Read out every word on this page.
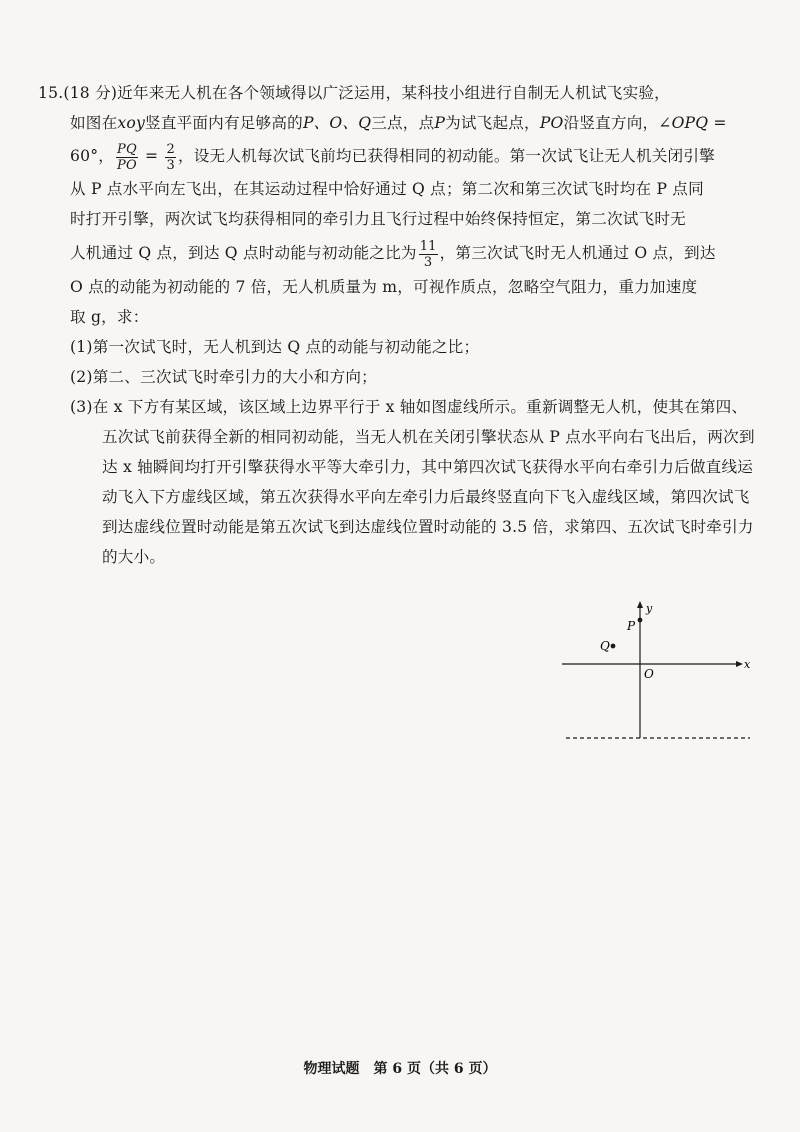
15.(18 分)近年来无人机在各个领域得以广泛运用，某科技小组进行自制无人机试飞实验，

如图在xoy竖直平面内有足够高的P、O、Q三点，点P为试飞起点，PO沿竖直方向，∠OPQ =

60°， $\frac{PQ}{PO} = \frac{2}{3}$ ，设无人机每次试飞前均已获得相同的初动能。第一次试飞让无人机关闭引擎

从 P 点水平向左飞出，在其运动过程中恰好通过 Q 点；第二次和第三次试飞时均在 P 点同

时打开引擎，两次试飞均获得相同的牵引力且飞行过程中始终保持恒定，第二次试飞时无

人机通过 Q 点，到达 Q 点时动能与初动能之比为 $\frac{11}{3}$ ，第三次试飞时无人机通过 O 点，到达

O 点的动能为初动能的 7 倍，无人机质量为 m，可视作质点，忽略空气阻力，重力加速度

取 g，求：

(1)第一次试飞时，无人机到达 Q 点的动能与初动能之比；

(2)第二、三次试飞时牵引力的大小和方向；

(3)在 x 下方有某区域，该区域上边界平行于 x 轴如图虚线所示。重新调整无人机，使其在第四、五次试飞前获得全新的相同初动能，当无人机在关闭引擎状态从 P 点水平向右飞出后，两次到达 x 轴瞬间均打开引擎获得水平等大牵引力，其中第四次试飞获得水平向右牵引力后做直线运动飞入下方虚线区域，第五次获得水平向左牵引力后最终竖直向下飞入虚线区域，第四次试飞到达虚线位置时动能是第五次试飞到达虚线位置时动能的 3.5 倍，求第四、五次试飞时牵引力的大小。

y
x
P
Q
O
物理试题　第 6 页（共 6 页）
